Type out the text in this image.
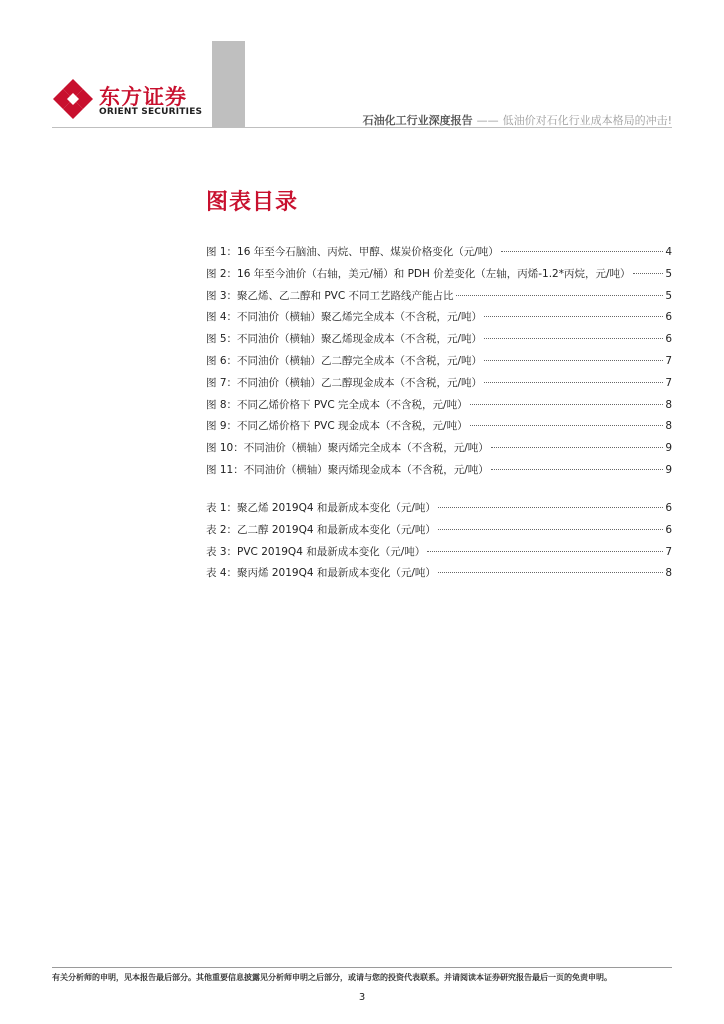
东方证券
ORIENT SECURITIES
石油化工行业深度报告 —— 低油价对石化行业成本格局的冲击!
图表目录
图 1：16 年至今石脑油、丙烷、甲醇、煤炭价格变化（元/吨）	4
图 2：16 年至今油价（右轴，美元/桶）和 PDH 价差变化（左轴，丙烯-1.2*丙烷，元/吨）	5
图 3：聚乙烯、乙二醇和 PVC 不同工艺路线产能占比	5
图 4：不同油价（横轴）聚乙烯完全成本（不含税，元/吨）	6
图 5：不同油价（横轴）聚乙烯现金成本（不含税，元/吨）	6
图 6：不同油价（横轴）乙二醇完全成本（不含税，元/吨）	7
图 7：不同油价（横轴）乙二醇现金成本（不含税，元/吨）	7
图 8：不同乙烯价格下 PVC 完全成本（不含税，元/吨）	8
图 9：不同乙烯价格下 PVC 现金成本（不含税，元/吨）	8
图 10：不同油价（横轴）聚丙烯完全成本（不含税，元/吨）	9
图 11：不同油价（横轴）聚丙烯现金成本（不含税，元/吨）	9
表 1：聚乙烯 2019Q4 和最新成本变化（元/吨）	6
表 2：乙二醇 2019Q4 和最新成本变化（元/吨）	6
表 3：PVC 2019Q4 和最新成本变化（元/吨）	7
表 4：聚丙烯 2019Q4 和最新成本变化（元/吨）	8
有关分析师的申明，见本报告最后部分。其他重要信息披露见分析师申明之后部分，或请与您的投资代表联系。并请阅读本证券研究报告最后一页的免责申明。
3
